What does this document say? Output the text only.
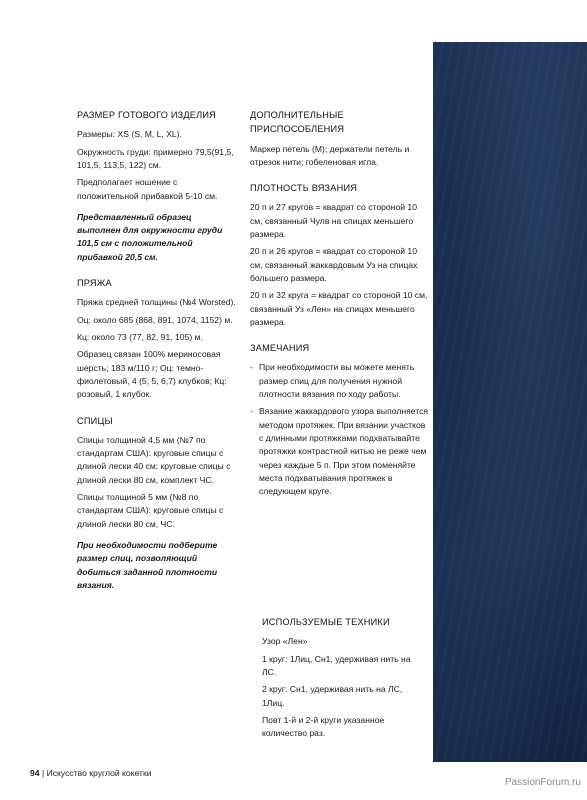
РАЗМЕР ГОТОВОГО ИЗДЕЛИЯ

Размеры: XS (S, M, L, XL).

Окружность груди: примерно 79,5(91,5, 101,5, 113,5, 122) см.

Предполагает ношение с положительной прибавкой 5-10 см.

Представленный образец выполнен для окружности груди 101,5 см с положительной прибавкой 20,5 см.

ПРЯЖА

Пряжа средней толщины (№4 Worsted).

Оц: около 685 (868, 891, 1074, 1152) м.

Кц: около 73 (77, 82, 91, 105) м.

Образец связан 100% мериносовая шерсть; 183 м/110 г; Оц: темно-фиолетовый, 4 (5, 5, 6,7) клубков; Кц: розовый, 1 клубок.

СПИЦЫ

Спицы толщиной 4,5 мм (№7 по стандартам США): круговые спицы с длиной лески 40 см; круговые спицы с длиной лески 80 см, комплект ЧС.

Спицы толщиной 5 мм (№8 по стандартам США): круговые спицы с длиной лески 80 см, ЧС.

При необходимости подберите размер спиц, позволяющий добиться заданной плотности вязания.

ДОПОЛНИТЕЛЬНЫЕ ПРИСПОСОБЛЕНИЯ

Маркер петель (М); держатели петель и отрезок нити; гобеленовая игла.

ПЛОТНОСТЬ ВЯЗАНИЯ

20 п и 27 кругов = квадрат со стороной 10 см, связанный Чулв на спицах меньшего размера.

20 п и 26 кругов = квадрат со стороной 10 см, связанный жаккардовым Уз на спицах большего размера.

20 п и 32 круга = квадрат со стороной 10 см, связанный Уз «Лен» на спицах меньшего размера.

ЗАМЕЧАНИЯ
- При необходимости вы можете менять размер спиц для получения нужной плотности вязания по ходу работы.
- Вязание жаккардового узора выполняется методом протяжек. При вязании участков с длинными протяжками подхватывайте протяжки контрастной нитью не реже чем через каждые 5 п. При этом поменяйте места подхватывания протяжек в следующем круге.
ИСПОЛЬЗУЕМЫЕ ТЕХНИКИ

Узор «Лен»

1 круг: 1Лиц, Сн1, удерживая нить на ЛС.

2 круг: Сн1, удерживая нить на ЛС, 1Лиц.

Повт 1-й и 2-й круги указанное количество раз.

94 | Искусство круглой кокетки
PassionForum.ru
